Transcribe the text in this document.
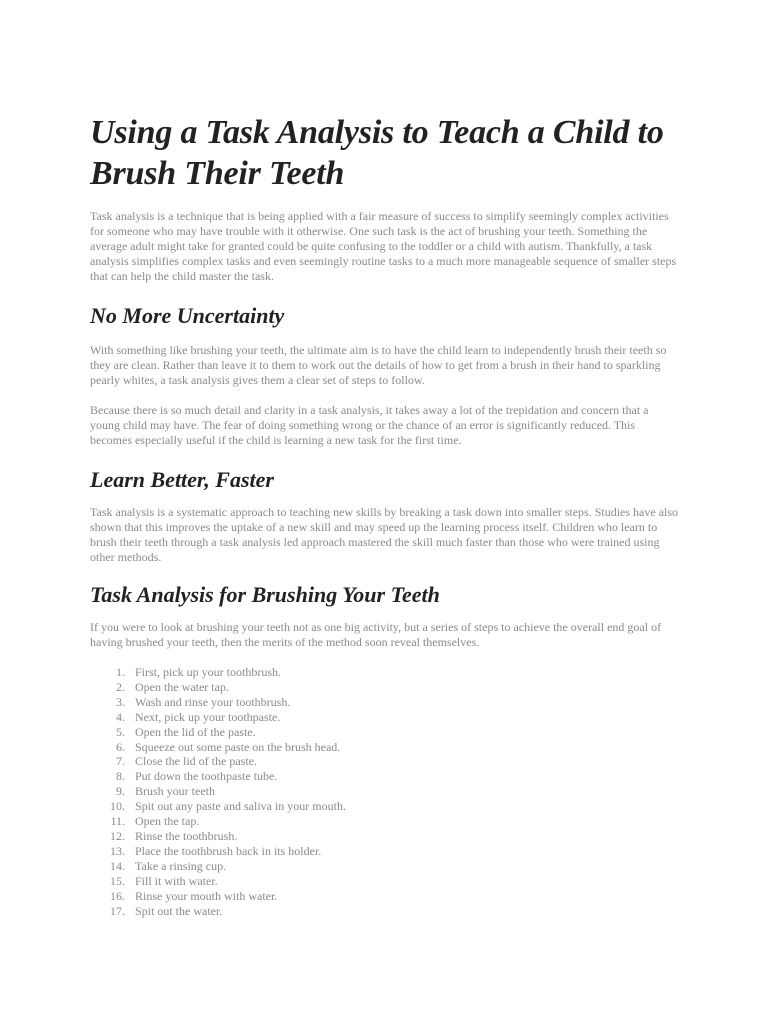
Using a Task Analysis to Teach a Child to Brush Their Teeth

Task analysis is a technique that is being applied with a fair measure of success to simplify seemingly complex activities for someone who may have trouble with it otherwise. One such task is the act of brushing your teeth. Something the average adult might take for granted could be quite confusing to the toddler or a child with autism. Thankfully, a task analysis simplifies complex tasks and even seemingly routine tasks to a much more manageable sequence of smaller steps that can help the child master the task.

No More Uncertainty

With something like brushing your teeth, the ultimate aim is to have the child learn to independently brush their teeth so they are clean. Rather than leave it to them to work out the details of how to get from a brush in their hand to sparkling pearly whites, a task analysis gives them a clear set of steps to follow.

Because there is so much detail and clarity in a task analysis, it takes away a lot of the trepidation and concern that a young child may have. The fear of doing something wrong or the chance of an error is significantly reduced. This becomes especially useful if the child is learning a new task for the first time.

Learn Better, Faster

Task analysis is a systematic approach to teaching new skills by breaking a task down into smaller steps. Studies have also shown that this improves the uptake of a new skill and may speed up the learning process itself. Children who learn to brush their teeth through a task analysis led approach mastered the skill much faster than those who were trained using other methods.

Task Analysis for Brushing Your Teeth

If you were to look at brushing your teeth not as one big activity, but a series of steps to achieve the overall end goal of having brushed your teeth, then the merits of the method soon reveal themselves.

1. First, pick up your toothbrush.
2. Open the water tap.
3. Wash and rinse your toothbrush.
4. Next, pick up your toothpaste.
5. Open the lid of the paste.
6. Squeeze out some paste on the brush head.
7. Close the lid of the paste.
8. Put down the toothpaste tube.
9. Brush your teeth
10. Spit out any paste and saliva in your mouth.
11. Open the tap.
12. Rinse the toothbrush.
13. Place the toothbrush back in its holder.
14. Take a rinsing cup.
15. Fill it with water.
16. Rinse your mouth with water.
17. Spit out the water.
